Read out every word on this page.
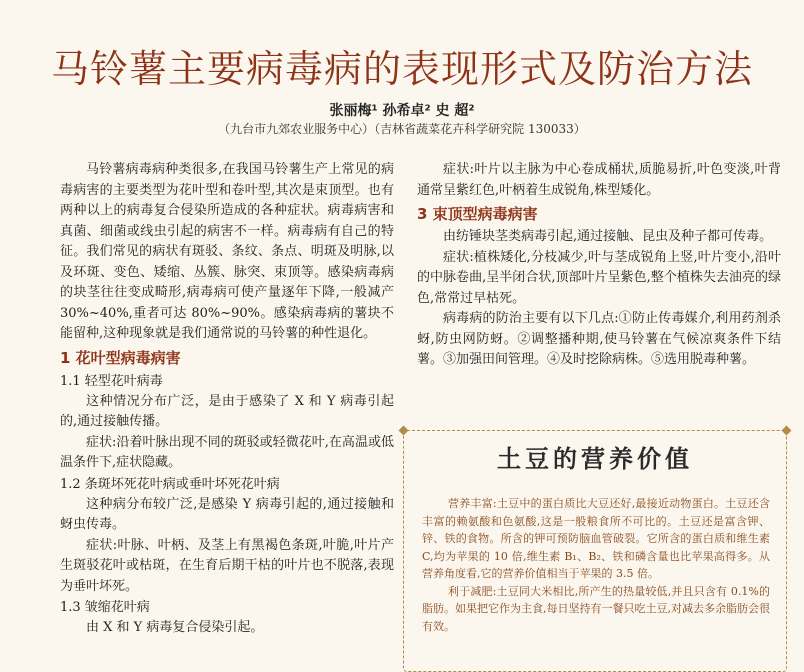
马铃薯主要病毒病的表现形式及防治方法
张丽梅¹ 孙希卓² 史 超²
（九台市九郊农业服务中心）（吉林省蔬菜花卉科学研究院 130033）

马铃薯病毒病种类很多,在我国马铃薯生产上常见的病毒病害的主要类型为花叶型和卷叶型,其次是束顶型。也有两种以上的病毒复合侵染所造成的各种症状。病毒病害和真菌、细菌或线虫引起的病害不一样。病毒病有自己的特征。我们常见的病状有斑驳、条纹、条点、明斑及明脉,以及环斑、变色、矮缩、丛簇、脉突、束顶等。感染病毒病的块茎往往变成畸形,病毒病可使产量逐年下降,一般减产 30%~40%,重者可达 80%~90%。感染病毒病的薯块不能留种,这种现象就是我们通常说的马铃薯的种性退化。

1 花叶型病毒病害
1.1 轻型花叶病毒

这种情况分布广泛，是由于感染了 X 和 Y 病毒引起的,通过接触传播。

症状:沿着叶脉出现不同的斑驳或轻微花叶,在高温或低温条件下,症状隐藏。

1.2 条斑坏死花叶病或垂叶坏死花叶病

这种病分布较广泛,是感染 Y 病毒引起的,通过接触和蚜虫传毒。

症状:叶脉、叶柄、及茎上有黑褐色条斑,叶脆,叶片产生斑驳花叶或枯斑，在生育后期干枯的叶片也不脱落,表现为垂叶坏死。

1.3 皱缩花叶病

由 X 和 Y 病毒复合侵染引起。

症状:叶片以主脉为中心卷成桶状,质脆易折,叶色变淡,叶背通常呈紫红色,叶柄着生成锐角,株型矮化。

3 束顶型病毒病害

由纺锤块茎类病毒引起,通过接触、昆虫及种子都可传毒。

症状:植株矮化,分枝减少,叶与茎成锐角上竖,叶片变小,沿叶的中脉卷曲,呈半闭合状,顶部叶片呈紫色,整个植株失去油亮的绿色,常常过早枯死。

病毒病的防治主要有以下几点:①防止传毒媒介,利用药剂杀蚜,防虫网防蚜。②调整播种期,使马铃薯在气候凉爽条件下结薯。③加强田间管理。④及时挖除病株。⑤选用脱毒种薯。

土豆的营养价值

营养丰富:土豆中的蛋白质比大豆还好,最接近动物蛋白。土豆还含丰富的赖氨酸和色氨酸,这是一般粮食所不可比的。土豆还是富含钾、锌、铁的食物。所含的钾可预防脑血管破裂。它所含的蛋白质和维生素 C,均为苹果的 10 倍,维生素 B₁、B₂、铁和磷含量也比苹果高得多。从营养角度看,它的营养价值相当于苹果的 3.5 倍。

利于减肥:土豆同大米相比,所产生的热量较低,并且只含有 0.1%的脂肪。如果把它作为主食,每日坚持有一餐只吃土豆,对减去多余脂肪会很有效。
